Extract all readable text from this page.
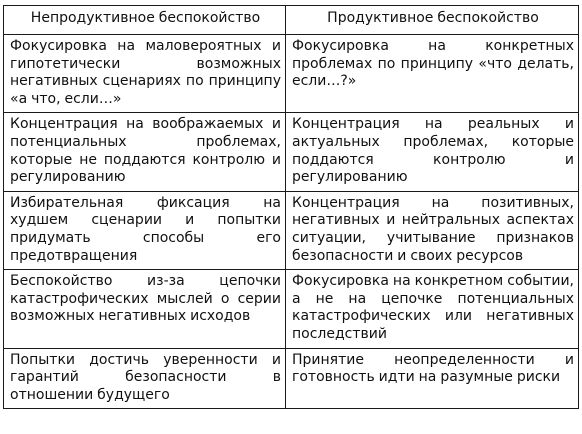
Непродуктивное беспокойство	Продуктивное беспокойство

Фокусировка на маловероятных и гипотетически возможных негативных сценариях по принципу «а что, если…»	Фокусировка на конкретных проблемах по принципу «что делать, если…?»

Концентрация на воображаемых и потенциальных проблемах, которые не поддаются контролю и регулированию	Концентрация на реальных и актуальных проблемах, которые поддаются контролю и регулированию

Избирательная фиксация на худшем сценарии и попытки придумать способы его предотвращения	Концентрация на позитивных, негативных и нейтральных аспектах ситуации, учитывание признаков безопасности и своих ресурсов

Беспокойство из-за цепочки катастрофических мыслей о серии возможных негативных исходов	Фокусировка на конкретном событии, а не на цепочке потенциальных катастрофических или негативных последствий

Попытки достичь уверенности и гарантий безопасности в отношении будущего	Принятие неопределенности и готовность идти на разумные риски
